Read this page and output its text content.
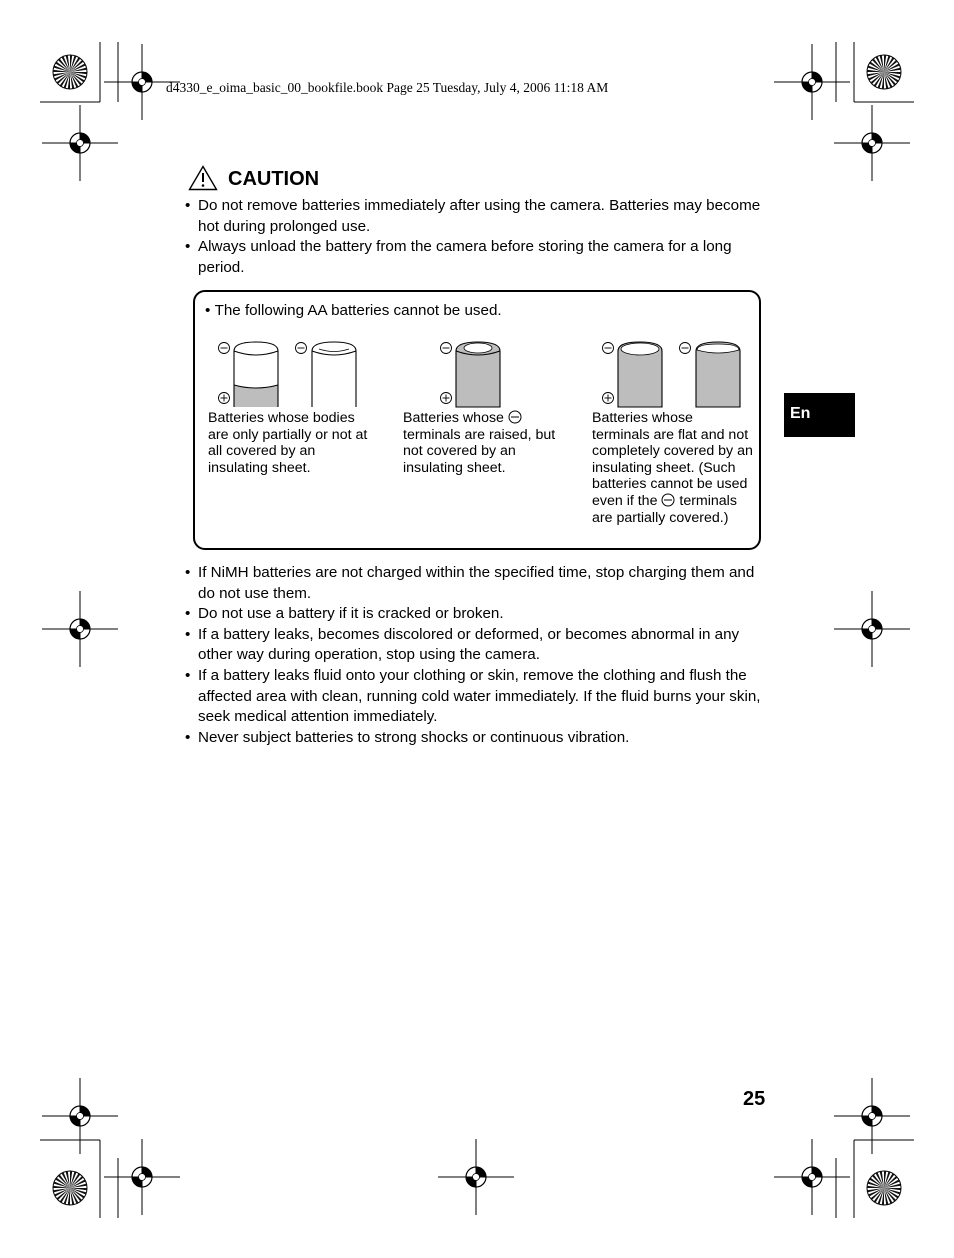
d4330_e_oima_basic_00_bookfile.book Page 25 Tuesday, July 4, 2006 11:18 AM
CAUTION
• Do not remove batteries immediately after using the camera. Batteries may become hot during prolonged use.
• Always unload the battery from the camera before storing the camera for a long period.
• The following AA batteries cannot be used.
Batteries whose bodies are only partially or not at all covered by an insulating sheet.
Batteries whose  terminals are raised, but not covered by an insulating sheet.
Batteries whose terminals are flat and not completely covered by an insulating sheet. (Such batteries cannot be used even if the terminals are partially covered.)
• If NiMH batteries are not charged within the specified time, stop charging them and do not use them.
• Do not use a battery if it is cracked or broken.
• If a battery leaks, becomes discolored or deformed, or becomes abnormal in any other way during operation, stop using the camera.
• If a battery leaks fluid onto your clothing or skin, remove the clothing and flush the affected area with clean, running cold water immediately. If the fluid burns your skin, seek medical attention immediately.
• Never subject batteries to strong shocks or continuous vibration.
En
25
